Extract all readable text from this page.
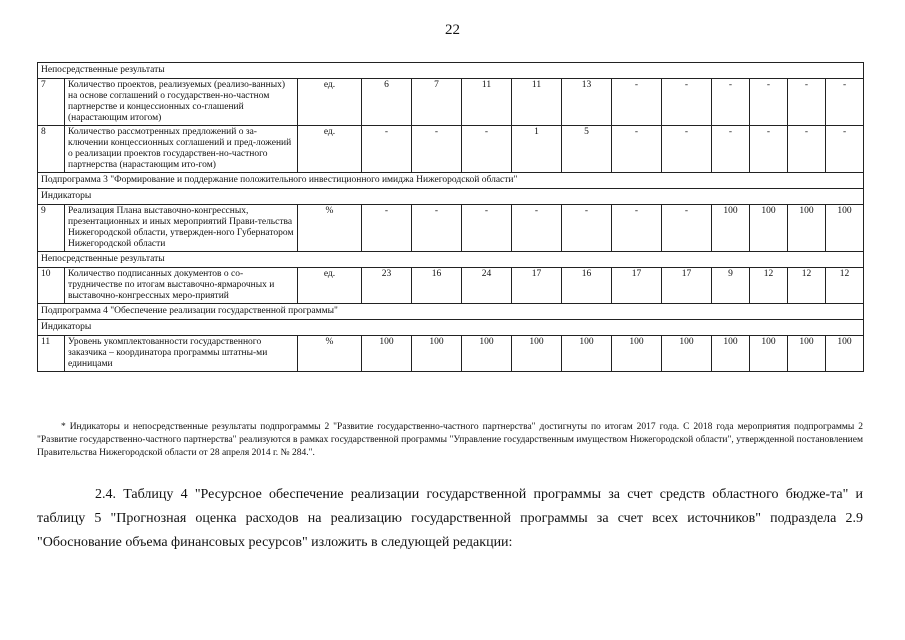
22
Непосредственные результаты													
7	Количество проектов, реализуемых (реализо-ванных) на основе соглашений о государствен-но-частном партнерстве и концессионных со-глашений (нарастающим итогом)	ед.	6	7	11	11	13	-	-	-	-	-	-
8	Количество рассмотренных предложений о за-ключении концессионных соглашений и пред-ложений о реализации проектов государствен-но-частного партнерства (нарастающим ито-гом)	ед.	-	-	-	1	5	-	-	-	-	-	-
Подпрограмма 3 "Формирование и поддержание положительного инвестиционного имиджа Нижегородской области"													
Индикаторы													
9	Реализация Плана выставочно-конгрессных, презентационных и иных мероприятий Прави-тельства Нижегородской области, утвержден-ного Губернатором Нижегородской области	%	-	-	-	-	-	-	-	100	100	100	100
Непосредственные результаты													
10	Количество подписанных документов о со-трудничестве по итогам выставочно-ярмарочных и выставочно-конгрессных меро-приятий	ед.	23	16	24	17	16	17	17	9	12	12	12
Подпрограмма 4 "Обеспечение реализации государственной программы"													
Индикаторы													
11	Уровень укомплектованности государственного заказчика – координатора программы штатны-ми единицами	%	100	100	100	100	100	100	100	100	100	100	100
* Индикаторы и непосредственные результаты подпрограммы 2 "Развитие государственно-частного партнерства" достигнуты по итогам 2017 года. С 2018 года мероприятия подпрограммы 2 "Развитие государственно-частного партнерства" реализуются в рамках государственной программы "Управление государственным имуществом Нижегородской области", утвержденной постановлением Правительства Нижегородской области от 28 апреля 2014 г. № 284.".
2.4. Таблицу 4 "Ресурсное обеспечение реализации государственной программы за счет средств областного бюдже-та" и таблицу 5 "Прогнозная оценка расходов на реализацию государственной программы за счет всех источников" подраздела 2.9 "Обоснование объема финансовых ресурсов" изложить в следующей редакции:
